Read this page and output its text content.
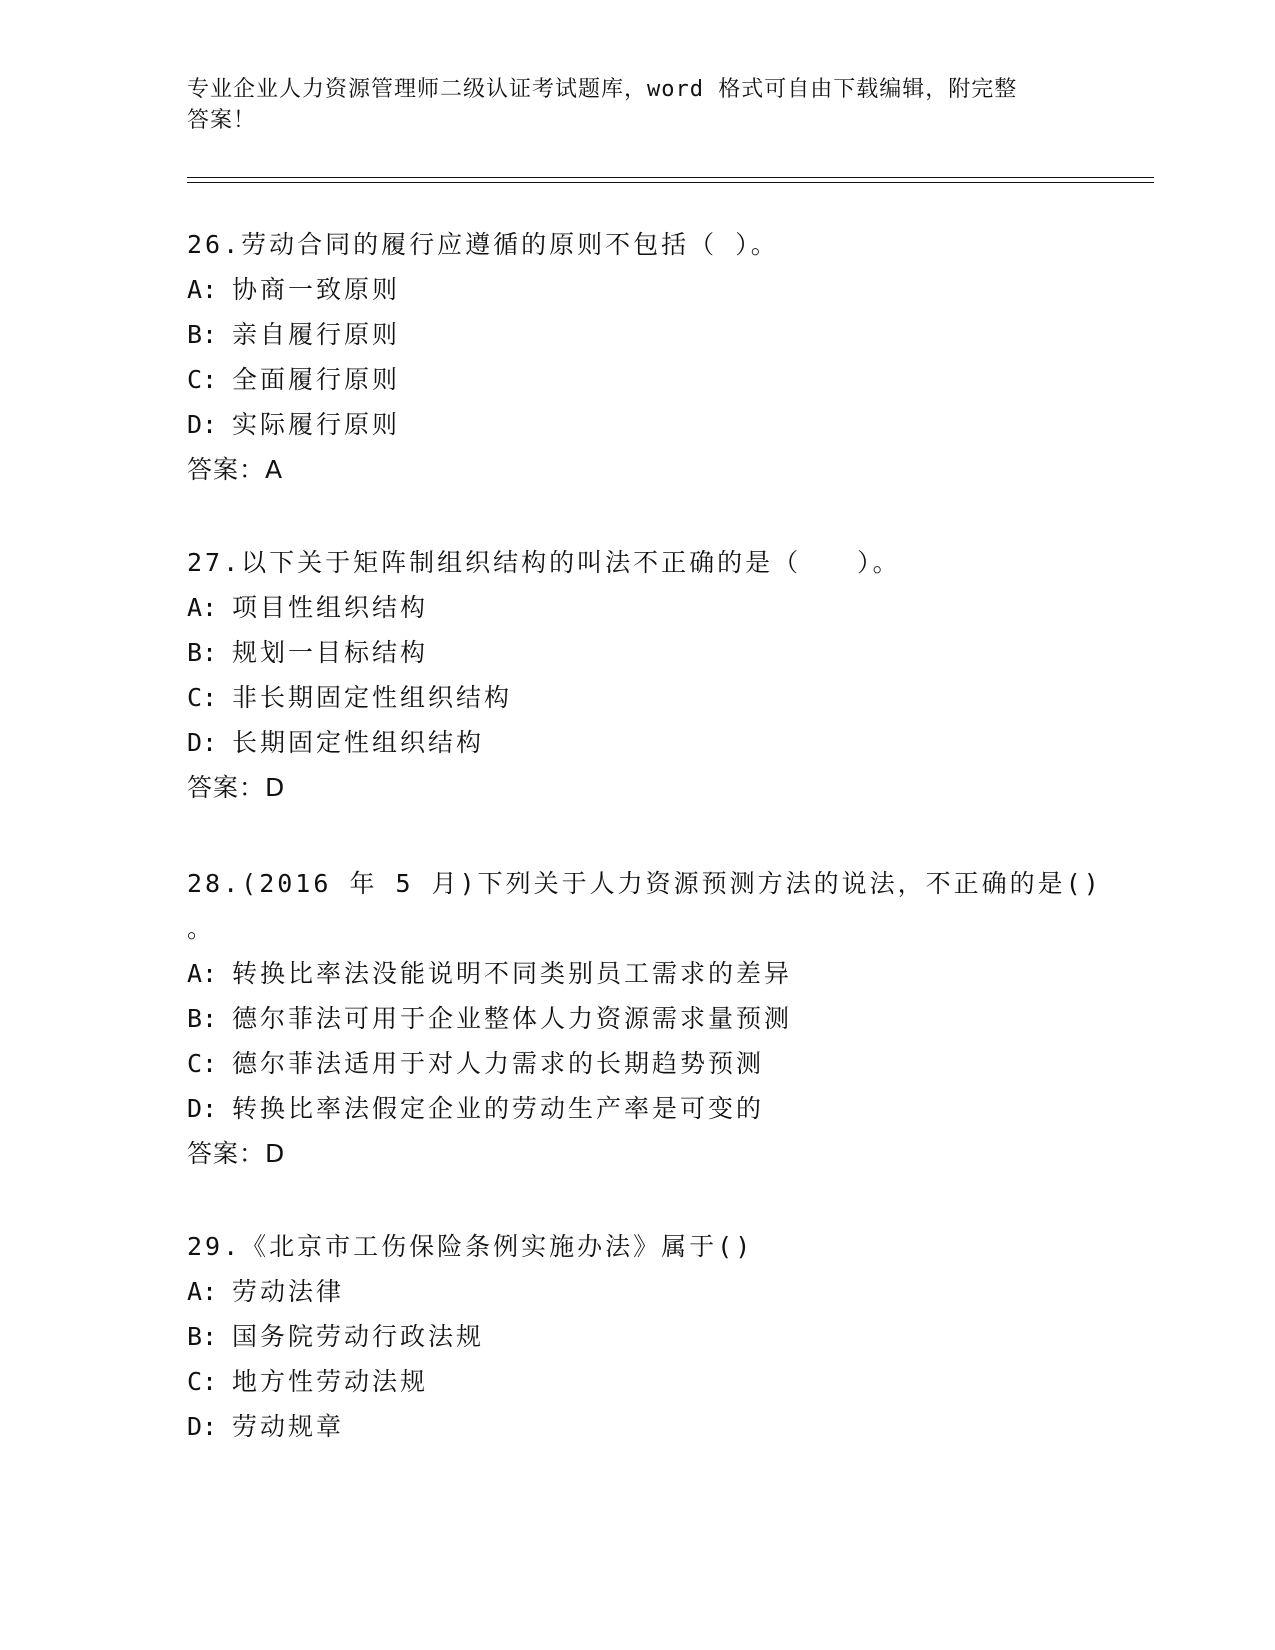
专业企业人力资源管理师二级认证考试题库，word 格式可自由下载编辑，附完整
答案！
26.劳动合同的履行应遵循的原则不包括（ ）。
A: 协商一致原则
B: 亲自履行原则
C: 全面履行原则
D: 实际履行原则
答案：A
27.以下关于矩阵制组织结构的叫法不正确的是（　　）。
A: 项目性组织结构
B: 规划一目标结构
C: 非长期固定性组织结构
D: 长期固定性组织结构
答案：D
28.(2016 年 5 月)下列关于人力资源预测方法的说法，不正确的是()
。
A: 转换比率法没能说明不同类别员工需求的差异
B: 德尔菲法可用于企业整体人力资源需求量预测
C: 德尔菲法适用于对人力需求的长期趋势预测
D: 转换比率法假定企业的劳动生产率是可变的
答案：D
29.《北京市工伤保险条例实施办法》属于()
A: 劳动法律
B: 国务院劳动行政法规
C: 地方性劳动法规
D: 劳动规章
